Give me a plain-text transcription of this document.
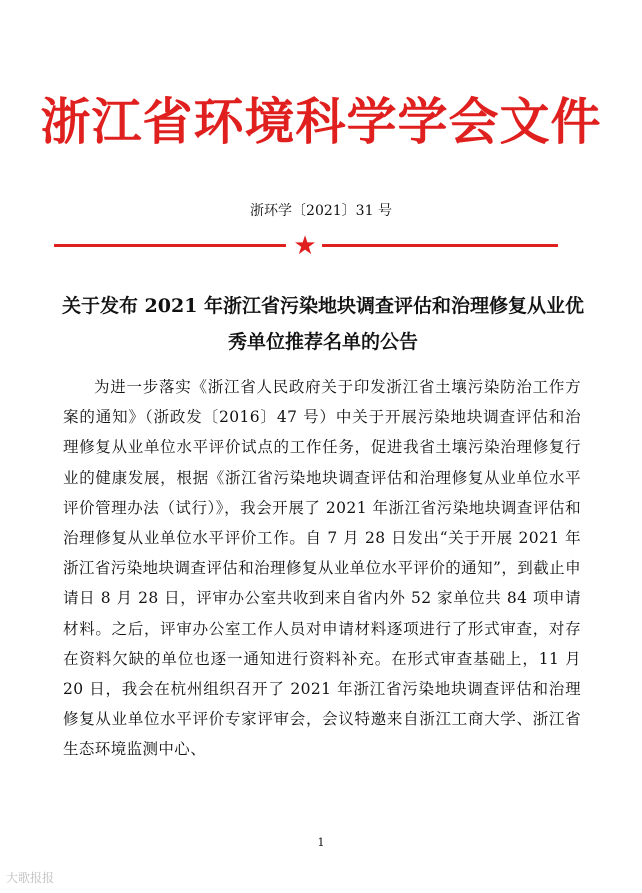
浙江省环境科学学会文件
浙环学〔2021〕31 号
★
关于发布 2021 年浙江省污染地块调查评估和治理修复从业优秀单位推荐名单的公告

为进一步落实《浙江省人民政府关于印发浙江省土壤污染防治工作方案的通知》（浙政发〔2016〕47 号）中关于开展污染地块调查评估和治理修复从业单位水平评价试点的工作任务，促进我省土壤污染治理修复行业的健康发展，根据《浙江省污染地块调查评估和治理修复从业单位水平评价管理办法（试行）》，我会开展了 2021 年浙江省污染地块调查评估和治理修复从业单位水平评价工作。自 7 月 28 日发出“关于开展 2021 年浙江省污染地块调查评估和治理修复从业单位水平评价的通知”，到截止申请日 8 月 28 日，评审办公室共收到来自省内外 52 家单位共 84 项申请材料。之后，评审办公室工作人员对申请材料逐项进行了形式审查，对存在资料欠缺的单位也逐一通知进行资料补充。在形式审查基础上，11 月 20 日，我会在杭州组织召开了 2021 年浙江省污染地块调查评估和治理修复从业单位水平评价专家评审会，会议特邀来自浙江工商大学、浙江省生态环境监测中心、

1
大歌报报
